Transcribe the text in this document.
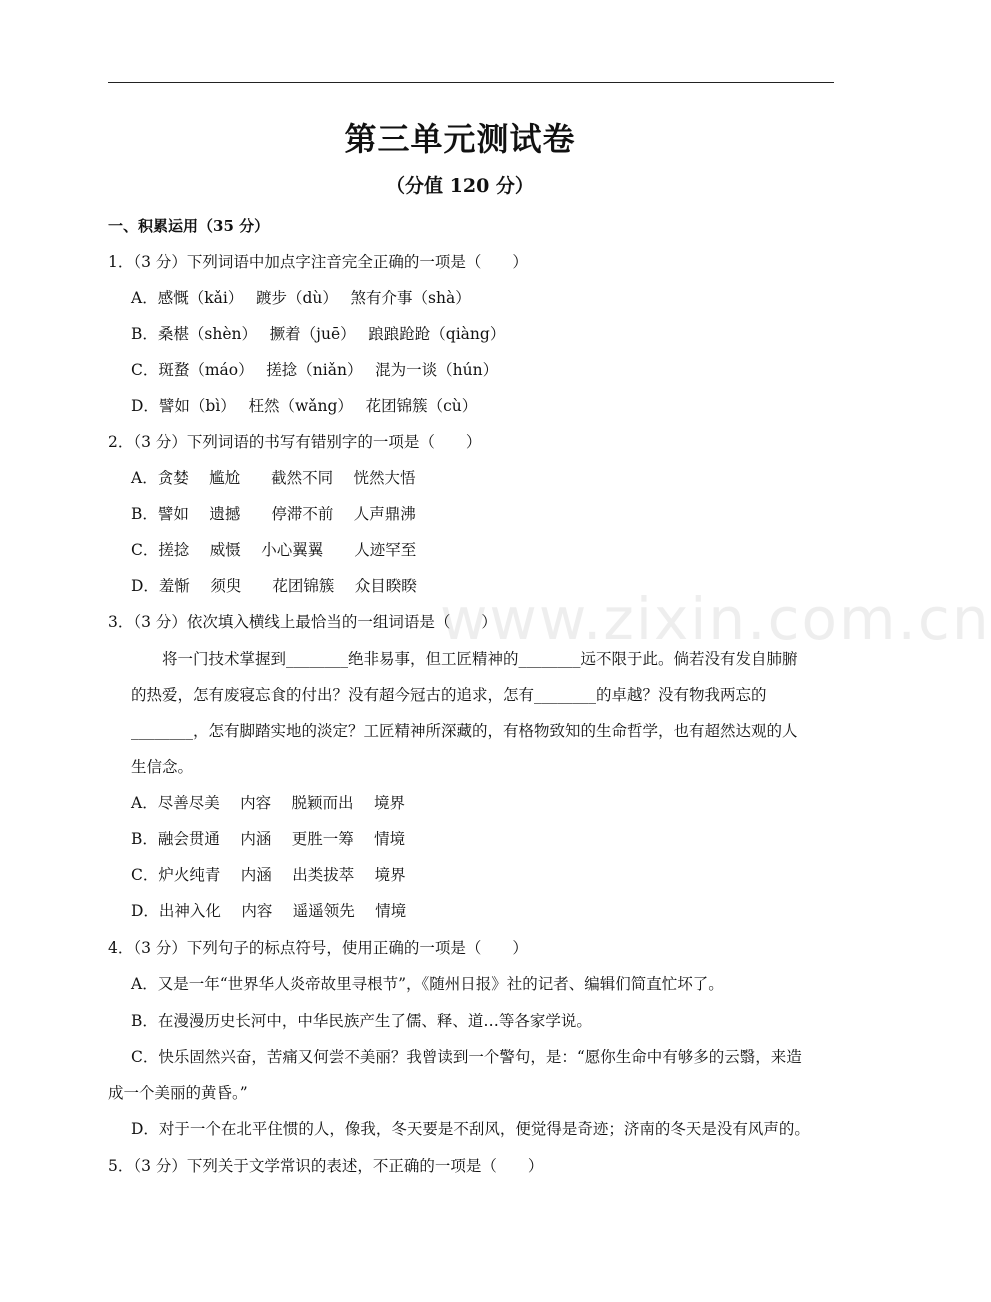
第三单元测试卷
（分值 120 分）
www.zixin.com.cn
一、积累运用（35 分）
1．（3 分）下列词语中加点字注音完全正确的一项是（　　）
A．感慨（kǎi）　 踱步（dù）　 煞有介事（shà）
B．桑椹（shèn）　 撅着（juē）　 踉踉跄跄（qiàng）
C．斑蝥（máo）　 搓捻（niǎn）　 混为一谈（hún）
D．譬如（bì）　 枉然（wǎng）　 花团锦簇（cù）
2．（3 分）下列词语的书写有错别字的一项是（　　）
A．贪婪　 尴尬　　截然不同　 恍然大悟
B．譬如　 遗撼　　停滞不前　 人声鼎沸
C．搓捻　 威慑　 小心翼翼　　人迹罕至
D．羞惭　 须臾　　花团锦簇　 众目睽睽
3．（3 分）依次填入横线上最恰当的一组词语是（　　）
将一门技术掌握到________绝非易事，但工匠精神的________远不限于此。倘若没有发自肺腑
的热爱，怎有废寝忘食的付出？没有超今冠古的追求，怎有________的卓越？没有物我两忘的
________，怎有脚踏实地的淡定？工匠精神所深藏的，有格物致知的生命哲学，也有超然达观的人
生信念。
A．尽善尽美　 内容　 脱颖而出　 境界
B．融会贯通　 内涵　 更胜一筹　 情境
C．炉火纯青　 内涵　 出类拔萃　 境界
D．出神入化　 内容　 遥遥领先　 情境
4．（3 分）下列句子的标点符号，使用正确的一项是（　　）
A．又是一年“世界华人炎帝故里寻根节”，《随州日报》社的记者、编辑们简直忙坏了。
B．在漫漫历史长河中，中华民族产生了儒、释、道…等各家学说。
C．快乐固然兴奋，苦痛又何尝不美丽？我曾读到一个警句，是：“愿你生命中有够多的云翳，来造
成一个美丽的黄昏。”
D．对于一个在北平住惯的人，像我，冬天要是不刮风，便觉得是奇迹；济南的冬天是没有风声的。
5．（3 分）下列关于文学常识的表述，不正确的一项是（　　）
